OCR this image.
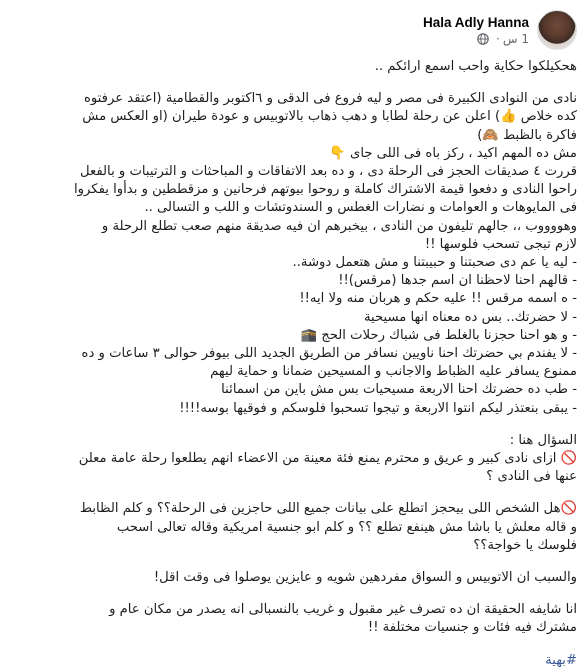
Hala Adly Hanna
1 س
·
هحكيلكوا حكاية واحب اسمع ارائكم ..
نادى من النوادى الكبيرة فى مصر و ليه فروع فى الدقى و ٦اكتوبر والقطامية (اعتقد عرفتوه
كده خلاص 👍) اعلن عن رحلة لطابا و دهب ذهاب بالاتوبيس و عودة طيران (او العكس مش
فاكرة بالظبط 🙈)
مش ده المهم اكيد ، ركز باه فى اللى جاى 👇
قررت ٤ صديقات الحجز فى الرحلة دى ، و ده بعد الاتفاقات و المباحثات و الترتيبات و بالفعل
راحوا النادى و دفعوا قيمة الاشتراك كاملة و روحوا بيوتهم فرحانين و مزقططين و بدأوا يفكروا
فى المايوهات و العوامات و نضارات الغطس و السندوتشات و اللب و التسالى ..
وهووووب ،، جالهم تليفون من النادى ، بيخبرهم ان فيه صديقة منهم صعب تطلع الرحلة و
لازم تبجى تسحب فلوسها !!
- ليه يا عم دى صحبتنا و حبيبتنا و مش هتعمل دوشة..
- قالهم احنا لاحظنا ان اسم جدها (مرقس)!!
- ه اسمه مرقس !! عليه حكم و هربان منه ولا ايه!!
- لا حضرتك.. بس ده معناه انها مسيحية
- و هو احنا حجزنا بالغلط فى شباك رحلات الحج 🕋
- لا يفندم بي حضرتك احنا ناويين نسافر من الطريق الجديد اللى بيوفر حوالى ٣ ساعات و ده
ممنوع يسافر عليه الظباط والاجانب و المسيحين ضمانا و حماية ليهم
- طب ده حضرتك احنا الاربعة مسيحيات بس مش باين من اسمائنا
- يبقى بنعتذر ليكم انتوا الاربعة و تيجوا تسحبوا فلوسكم و فوقيها بوسه!!!!
السؤال هنا :
🚫 ازاى نادى كبير و عريق و محترم يمنع فئة معينة من الاعضاء انهم يطلعوا رحلة عامة معلن
عنها فى النادى ؟
🚫هل الشخص اللى بيحجز اتطلع على بيانات جميع اللى حاجزين فى الرحلة؟؟ و كلم الظابط
و قاله معلش يا باشا مش هينفع تطلع ؟؟ و كلم ابو جنسية امريكية وقاله تعالى اسحب
فلوسك يا خواجة؟؟
والسبب ان الاتوبيس و السواق مفردهين شويه و عايزين يوصلوا فى وقت اقل!
انا شايفه الحقيقة ان ده تصرف غير مقبول و غريب بالنسبالى انه يصدر من مكان عام و
مشترك فيه فئات و جنسيات مختلفة !!
#بهية
